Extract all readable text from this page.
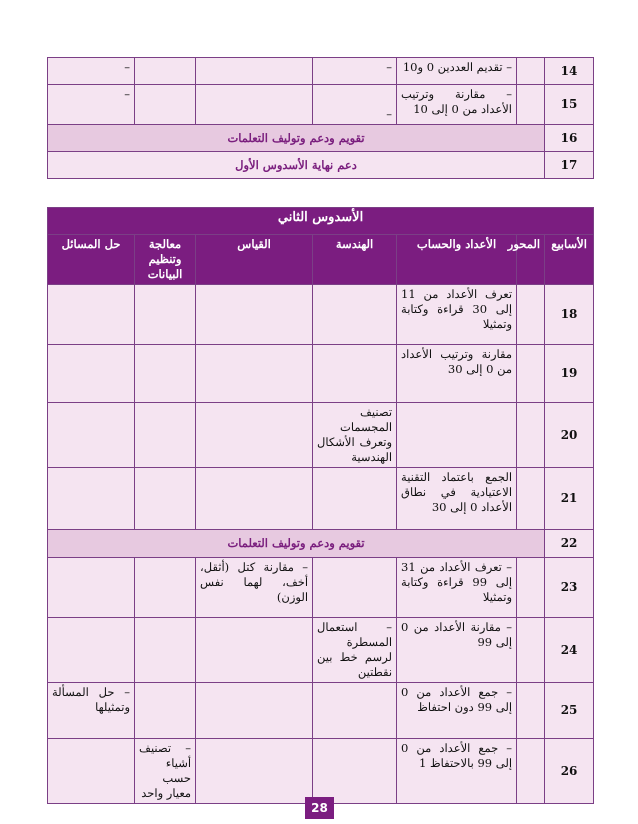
14		– تقديم العددين 0 و10	–			–
15		– مقارنة وترتيب الأعداد من 0 إلى 10	–			–
16	تقويم ودعم وتوليف التعلمات					
17	دعم نهاية الأسدوس الأول					
الأسدوس الثاني						
الأسابيع	المحور	الأعداد والحساب	الهندسة	القياس	معالجة وتنظيم البيانات	حل المسائل
18		تعرف الأعداد من 11 إلى 30 قراءة وكتابة وتمثيلا				
19		مقارنة وترتيب الأعداد من 0 إلى 30				
20			تصنيف المجسمات وتعرف الأشكال الهندسية			
21		الجمع باعتماد التقنية الاعتيادية في نطاق الأعداد 0 إلى 30				
22	تقويم ودعم وتوليف التعلمات					
23		– تعرف الأعداد من 31 إلى 99 قراءة وكتابة وتمثيلا		– مقارنة كتل (أثقل، أخف، لهما نفس الوزن)		
24		– مقارنة الأعداد من 0 إلى 99	– استعمال المسطرة لرسم خط بين نقطتين			
25		– جمع الأعداد من 0 إلى 99 دون احتفاظ				– حل المسألة وتمثيلها
26		– جمع الأعداد من 0 إلى 99 بالاحتفاظ 1			– تصنيف أشياء حسب معيار واحد	
28
